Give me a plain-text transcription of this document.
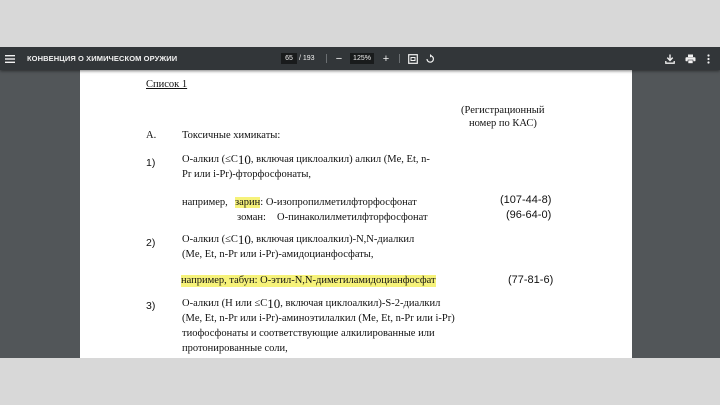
КОНВЕНЦИЯ О ХИМИЧЕСКОМ ОРУЖИИ	65 / 193 −	125% +
Список 1
(Регистрационный
номер по КАС)
A. Токсичные химикаты:
1)	О-алкил ($\le C_{10}$, включая циклоалкил) алкил (Me, Et, n-
Pr или i-Pr)-фторфосфонаты,
например, зарин: О-изопропилметилфторфосфонат	(107-44-8)
зоман: О-пинаколилметилфторфосфонат	(96-64-0)
2)	О-алкил ($\le C_{10}$, включая циклоалкил)-N,N-диалкил
(Me, Et, n-Pr или i-Pr)-амидоцианфосфаты,
например, табун: О-этил-N,N-диметиламидоцианфосфат	(77-81-6)
3)	О-алкил (Н или $\le C_{10}$, включая циклоалкил)-S-2-диалкил
(Me, Et, n-Pr или i-Pr)-аминоэтилалкил (Me, Et, n-Pr или i-Pr)
тиофосфонаты и соответствующие алкилированные или
протонированные соли,
